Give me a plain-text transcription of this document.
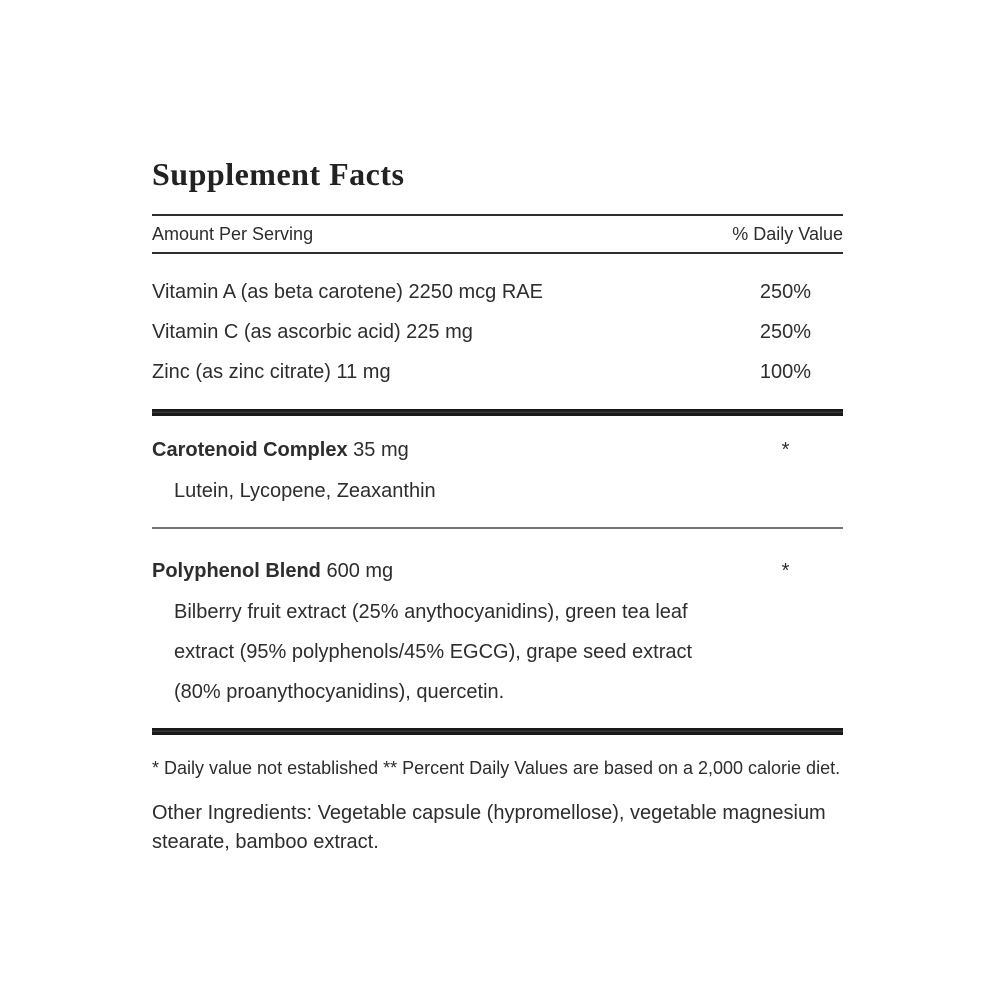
Supplement Facts
Amount Per Serving	% Daily Value
Vitamin A (as beta carotene) 2250 mcg RAE	250%
Vitamin C (as ascorbic acid) 225 mg	250%
Zinc (as zinc citrate) 11 mg	100%
Carotenoid Complex 35 mg	*
Lutein, Lycopene, Zeaxanthin
Polyphenol Blend 600 mg	*
Bilberry fruit extract (25% anythocyanidins), green tea leaf extract (95% polyphenols/45% EGCG), grape seed extract (80% proanythocyanidins), quercetin.
* Daily value not established ** Percent Daily Values are based on a 2,000 calorie diet.
Other Ingredients: Vegetable capsule (hypromellose), vegetable magnesium stearate, bamboo extract.
